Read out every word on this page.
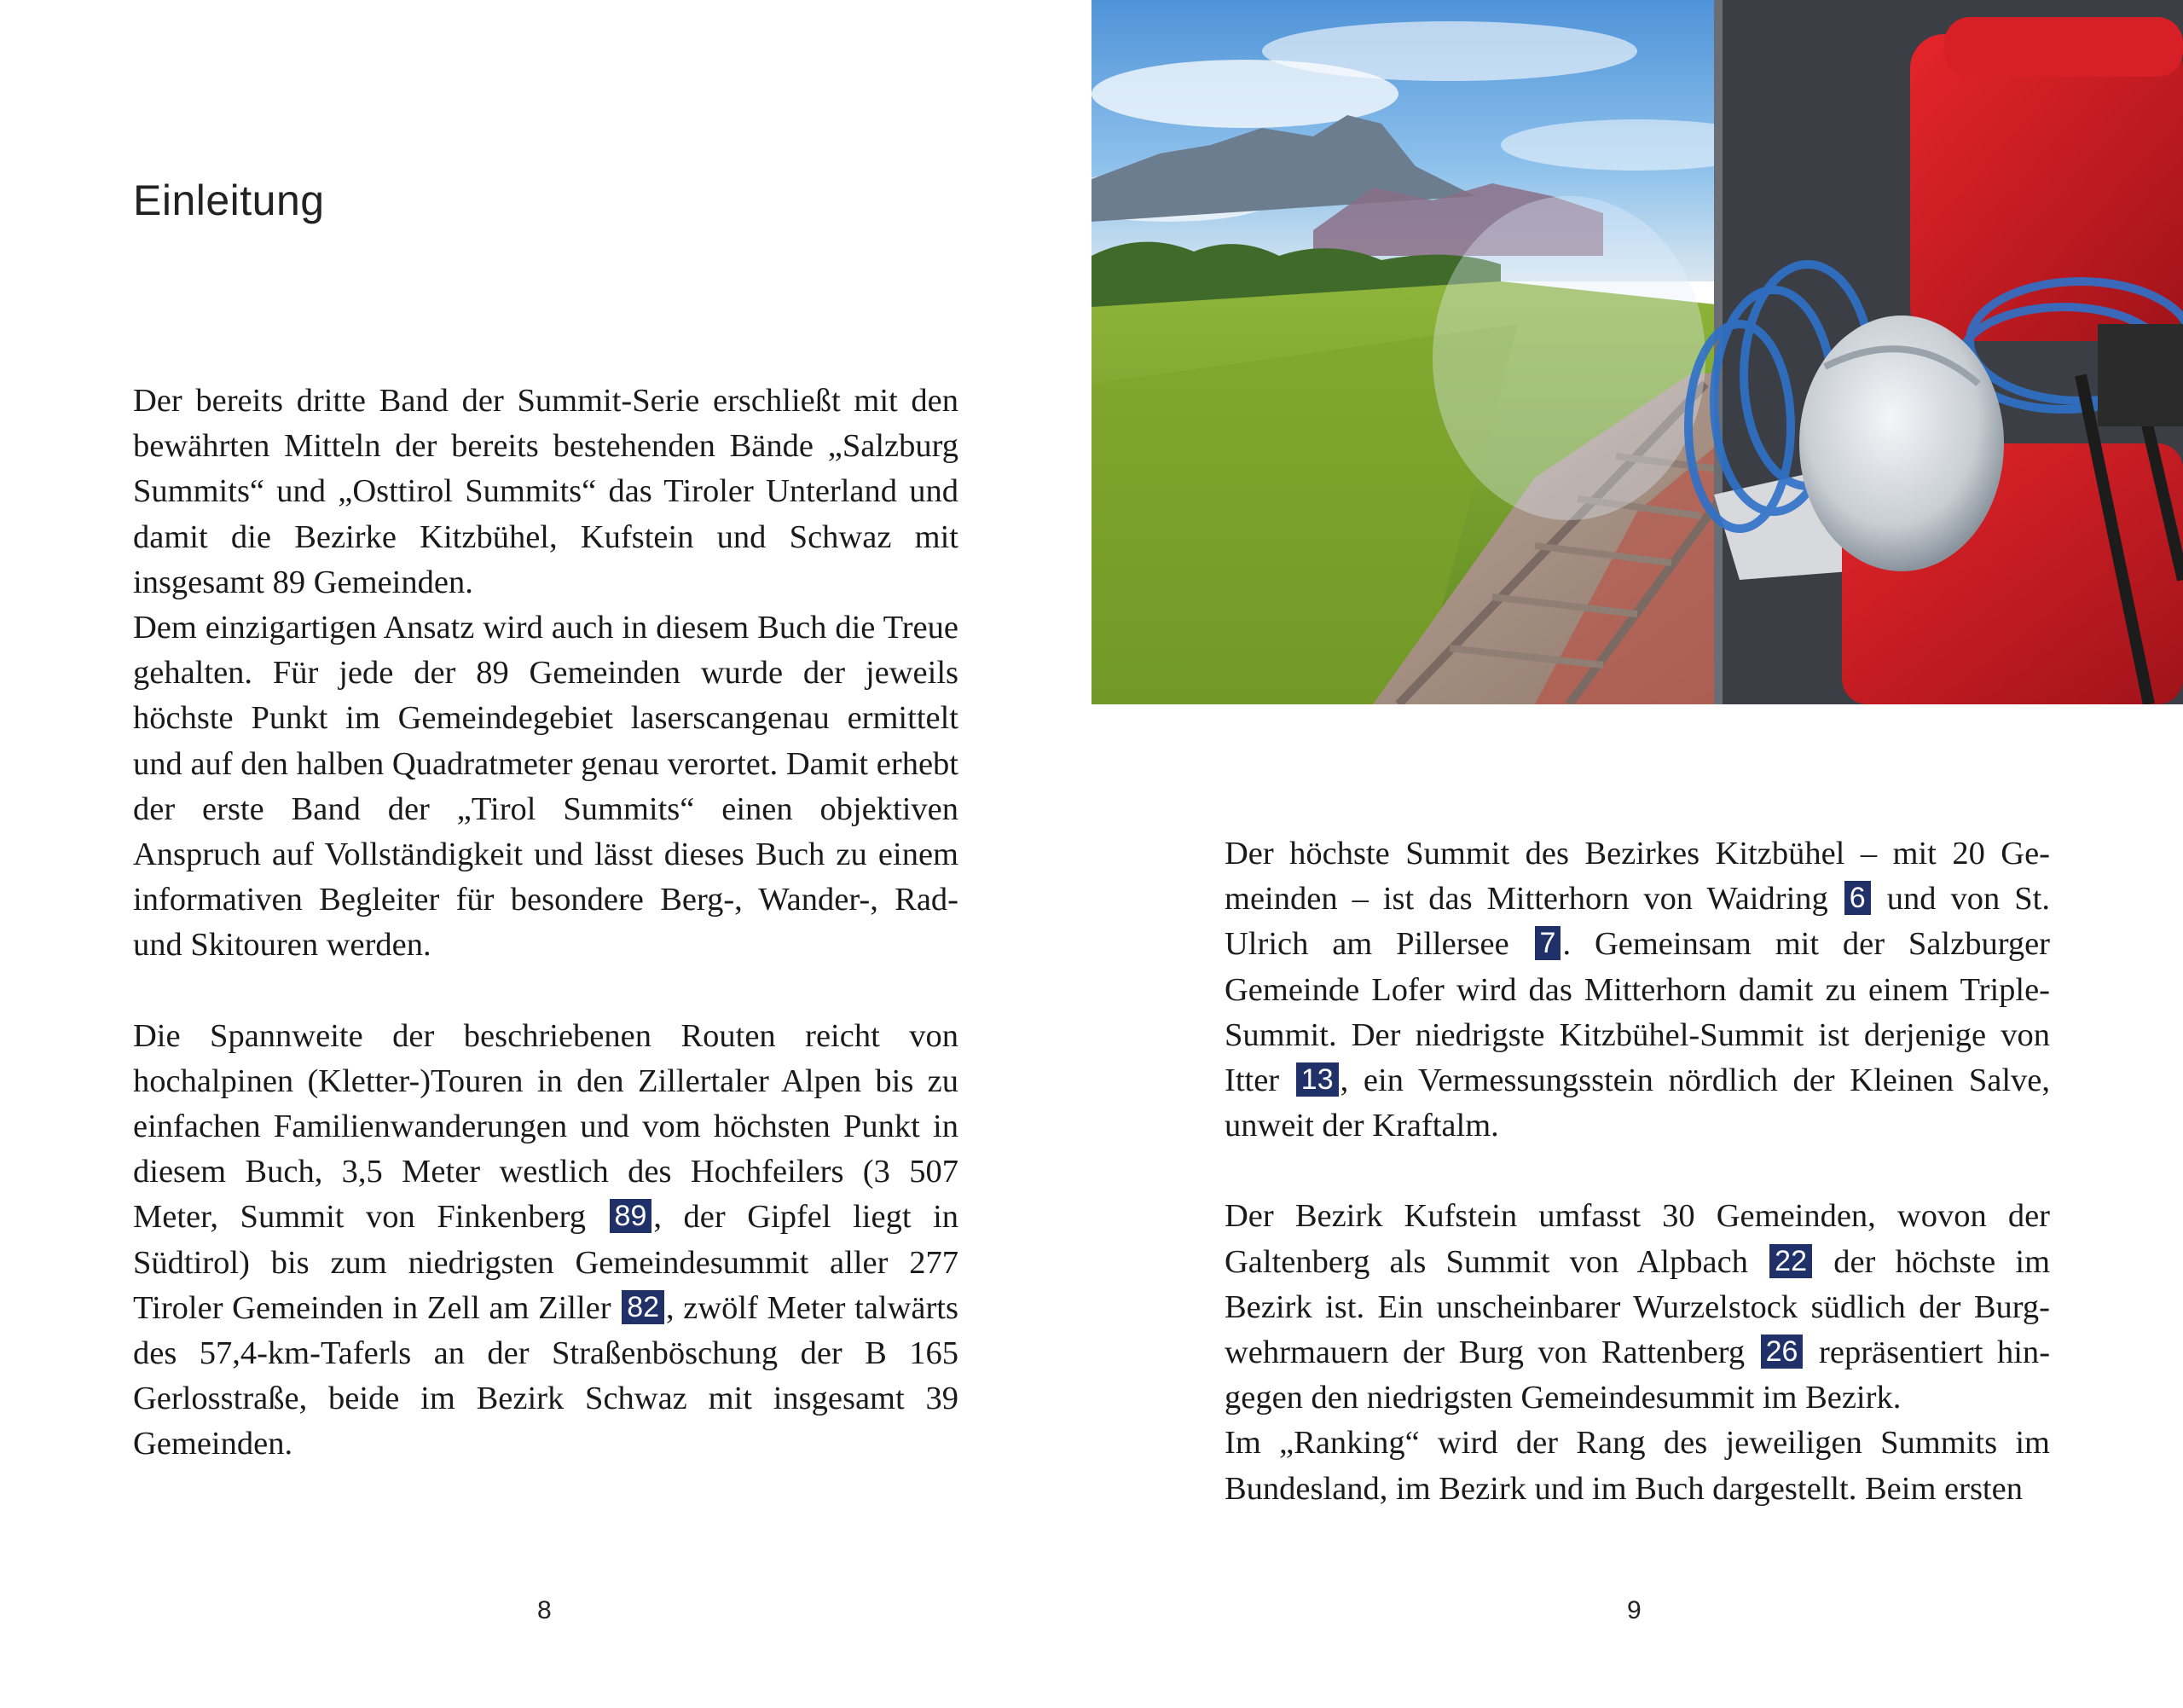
Einleitung

Der bereits dritte Band der Summit-Serie erschließt mit den bewährten Mitteln der bereits bestehenden Bände „Salzburg Summits“ und „Osttirol Summits“ das Tiroler Unterland und damit die Bezirke Kitzbühel, Kufstein und Schwaz mit insgesamt 89 Gemeinden.

Dem einzigartigen Ansatz wird auch in diesem Buch die Treue gehalten. Für jede der 89 Gemeinden wurde der jeweils höchste Punkt im Gemeindegebiet laserscangenau ermittelt und auf den halben Quadratmeter genau verortet. Damit erhebt der erste Band der „Tirol Summits“ einen objektiven Anspruch auf Vollständigkeit und lässt dieses Buch zu einem informativen Begleiter für besondere Berg-, Wander-, Rad- und Skitouren werden.

Die Spannweite der beschriebenen Routen reicht von hochalpinen (Kletter-)Touren in den Zillertaler Alpen bis zu einfachen Familienwanderungen und vom höchsten Punkt in diesem Buch, 3,5 Meter westlich des Hochfeilers (3 507 Meter, Summit von Finkenberg 89 , der Gipfel liegt in Südtirol) bis zum niedrigsten Gemeindesummit aller 277 Tiroler Gemeinden in Zell am Ziller 82 , zwölf Meter talwärts des 57,4-km-Taferls an der Straßenböschung der B 165 Gerlosstraße, beide im Bezirk Schwaz mit insgesamt 39 Gemeinden.

8

Der höchste Summit des Bezirkes Kitzbühel – mit 20 Gemeinden – ist das Mitterhorn von Waidring 6 und von St. Ulrich am Pillersee 7 . Gemeinsam mit der Salzburger Gemeinde Lofer wird das Mitterhorn damit zu einem Triple-Summit. Der niedrigste Kitzbühel-Summit ist derjenige von Itter 13 , ein Vermessungsstein nördlich der Kleinen Salve, unweit der Kraftalm.

Der Bezirk Kufstein umfasst 30 Gemeinden, wovon der Galtenberg als Summit von Alpbach 22 der höchste im Bezirk ist. Ein unscheinbarer Wurzelstock südlich der Burgwehrmauern der Burg von Rattenberg 26 repräsentiert hingegen den niedrigsten Gemeindesummit im Bezirk.

Im „Ranking“ wird der Rang des jeweiligen Summits im Bundesland, im Bezirk und im Buch dargestellt. Beim ersten

9
